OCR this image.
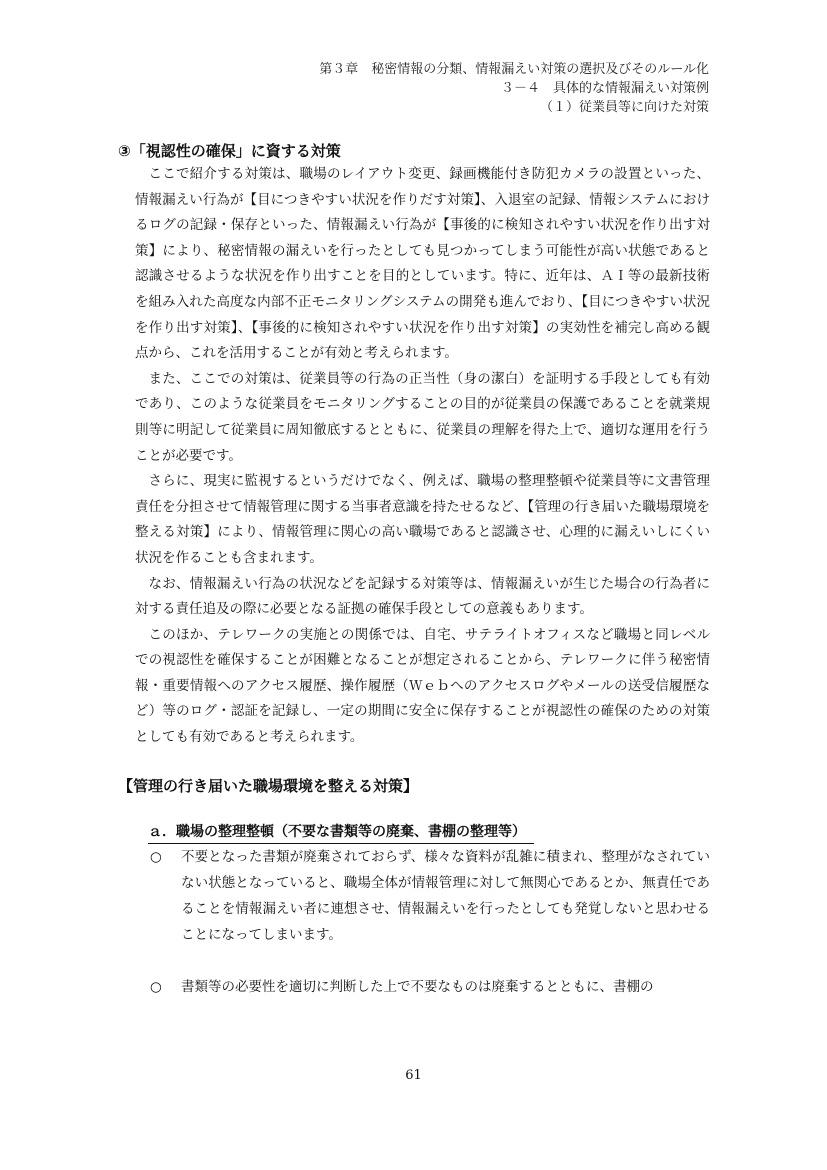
第３章　秘密情報の分類、情報漏えい対策の選択及びそのルール化
３－４　具体的な情報漏えい対策例
（１）従業員等に向けた対策
③「視認性の確保」に資する対策

ここで紹介する対策は、職場のレイアウト変更、録画機能付き防犯カメラの設置といった、情報漏えい行為が【目につきやすい状況を作りだす対策】、入退室の記録、情報システムにおけるログの記録・保存といった、情報漏えい行為が【事後的に検知されやすい状況を作り出す対策】により、秘密情報の漏えいを行ったとしても見つかってしまう可能性が高い状態であると認識させるような状況を作り出すことを目的としています。特に、近年は、ＡＩ等の最新技術を組み入れた高度な内部不正モニタリングシステムの開発も進んでおり、【目につきやすい状況を作り出す対策】、【事後的に検知されやすい状況を作り出す対策】の実効性を補完し高める観点から、これを活用することが有効と考えられます。

また、ここでの対策は、従業員等の行為の正当性（身の潔白）を証明する手段としても有効であり、このような従業員をモニタリングすることの目的が従業員の保護であることを就業規則等に明記して従業員に周知徹底するとともに、従業員の理解を得た上で、適切な運用を行うことが必要です。

さらに、現実に監視するというだけでなく、例えば、職場の整理整頓や従業員等に文書管理責任を分担させて情報管理に関する当事者意識を持たせるなど、【管理の行き届いた職場環境を整える対策】により、情報管理に関心の高い職場であると認識させ、心理的に漏えいしにくい状況を作ることも含まれます。

なお、情報漏えい行為の状況などを記録する対策等は、情報漏えいが生じた場合の行為者に対する責任追及の際に必要となる証拠の確保手段としての意義もあります。

このほか、テレワークの実施との関係では、自宅、サテライトオフィスなど職場と同レベルでの視認性を確保することが困難となることが想定されることから、テレワークに伴う秘密情報・重要情報へのアクセス履歴、操作履歴（Ｗｅｂへのアクセスログやメールの送受信履歴など）等のログ・認証を記録し、一定の期間に安全に保存することが視認性の確保のための対策としても有効であると考えられます。

【管理の行き届いた職場環境を整える対策】
ａ．職場の整理整頓（不要な書類等の廃棄、書棚の整理等）
○	不要となった書類が廃棄されておらず、様々な資料が乱雑に積まれ、整理がなされていない状態となっていると、職場全体が情報管理に対して無関心であるとか、無責任であることを情報漏えい者に連想させ、情報漏えいを行ったとしても発覚しないと思わせることになってしまいます。
○	書類等の必要性を適切に判断した上で不要なものは廃棄するとともに、書棚の
61
